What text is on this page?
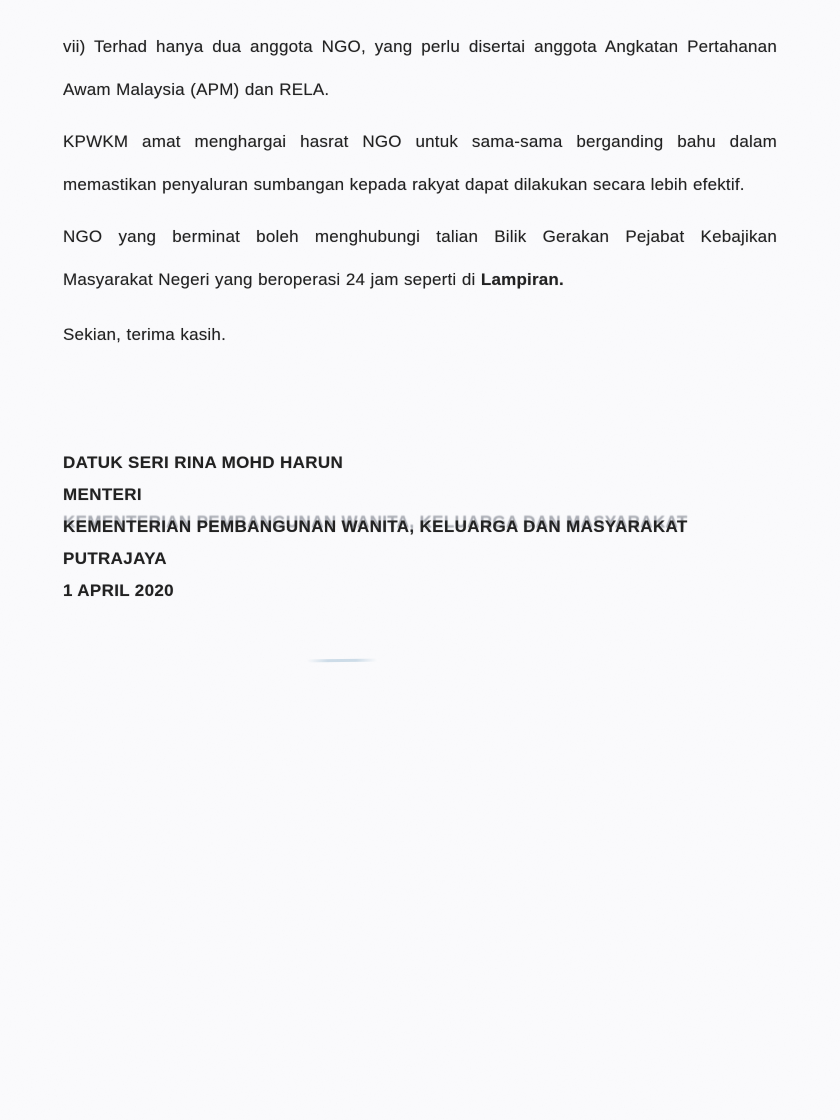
vii) Terhad hanya dua anggota NGO, yang perlu disertai anggota Angkatan Pertahanan
Awam Malaysia (APM) dan RELA.
KPWKM amat menghargai hasrat NGO untuk sama-sama berganding bahu dalam
memastikan penyaluran sumbangan kepada rakyat dapat dilakukan secara lebih efektif.
NGO yang berminat boleh menghubungi talian Bilik Gerakan Pejabat Kebajikan
Masyarakat Negeri yang beroperasi 24 jam seperti di Lampiran.
Sekian, terima kasih.
DATUK SERI RINA MOHD HARUN
MENTERI
KEMENTERIAN PEMBANGUNAN WANITA, KELUARGA DAN MASYARAKAT
PUTRAJAYA
1 APRIL 2020
